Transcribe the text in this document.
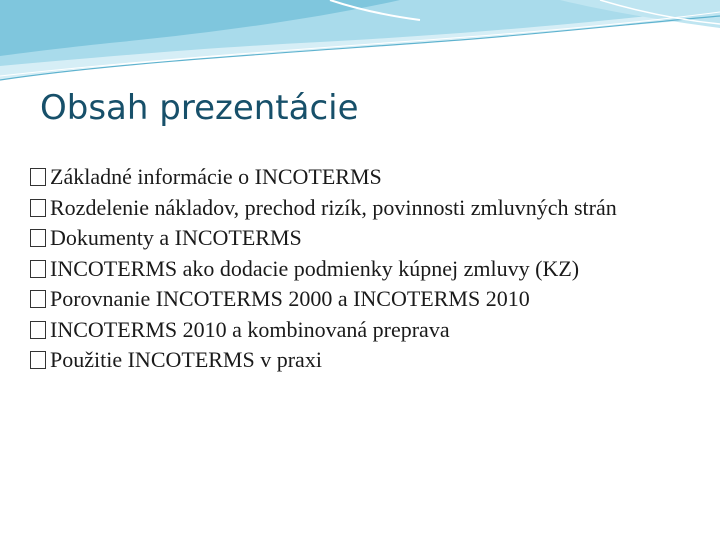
Obsah prezentácie
Základné informácie o INCOTERMS
Rozdelenie nákladov, prechod rizík, povinnosti zmluvných strán
Dokumenty a INCOTERMS
INCOTERMS ako dodacie podmienky kúpnej zmluvy (KZ)
Porovnanie INCOTERMS 2000 a INCOTERMS 2010
INCOTERMS 2010 a kombinovaná preprava
Použitie INCOTERMS v praxi
